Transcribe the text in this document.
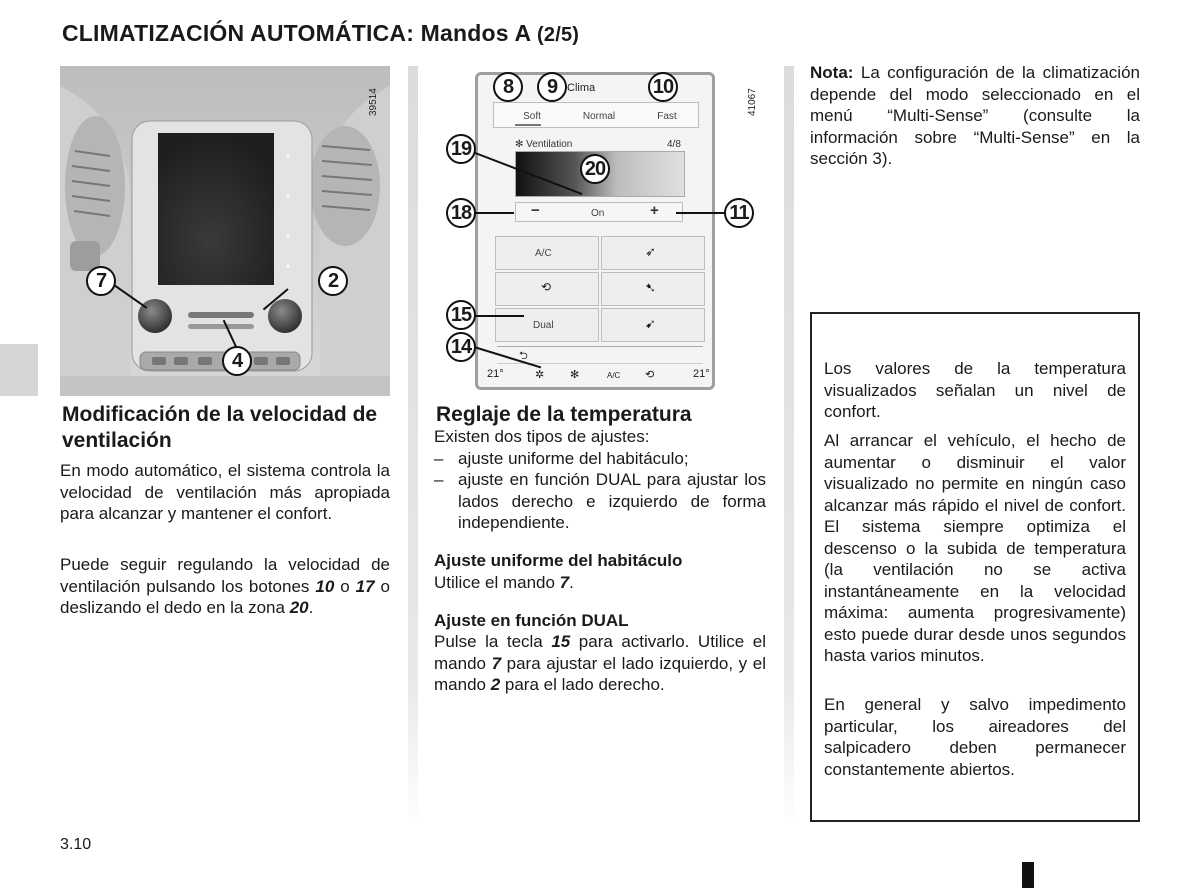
CLIMATIZACIÓN AUTOMÁTICA: Mandos A (2/5)
39514
7	2
4
Clima
Soft	Normal	Fast
✻ Ventilation	4/8
−	On	+
A/C
Dual
➶
⟲	➷
➹
⮌
21°	✲ ✻	A/C ⟲	21°
41067
8	9	10
19
20
18	11
15
14
Modificación de la velocidad de ventilación
En modo automático, el sistema controla la velocidad de ventilación más apropiada para alcanzar y mantener el confort.
Puede seguir regulando la velocidad de ventilación pulsando los botones 10 o 17 o deslizando el dedo en la zona 20.
Reglaje de la temperatura
Existen dos tipos de ajustes:
– ajuste uniforme del habitáculo;
– ajuste en función DUAL para ajustar los lados derecho e izquierdo de forma independiente.
Ajuste uniforme del habitáculo
Utilice el mando 7.
Ajuste en función DUAL
Pulse la tecla 15 para activarlo. Utilice el mando 7 para ajustar el lado izquierdo, y el mando 2 para el lado derecho.
Nota: La configuración de la climatización depende del modo seleccionado en el menú “Multi-Sense” (consulte la información sobre “Multi-Sense” en la sección 3).
Los valores de la temperatura visualizados señalan un nivel de confort.
Al arrancar el vehículo, el hecho de aumentar o disminuir el valor visualizado no permite en ningún caso alcanzar más rápido el nivel de confort. El sistema siempre optimiza el descenso o la subida de temperatura (la ventilación no se activa instantáneamente en la velocidad máxima: aumenta progresivamente) esto puede durar desde unos segundos hasta varios minutos.
En general y salvo impedimento particular, los aireadores del salpicadero deben permanecer constantemente abiertos.
3.10
